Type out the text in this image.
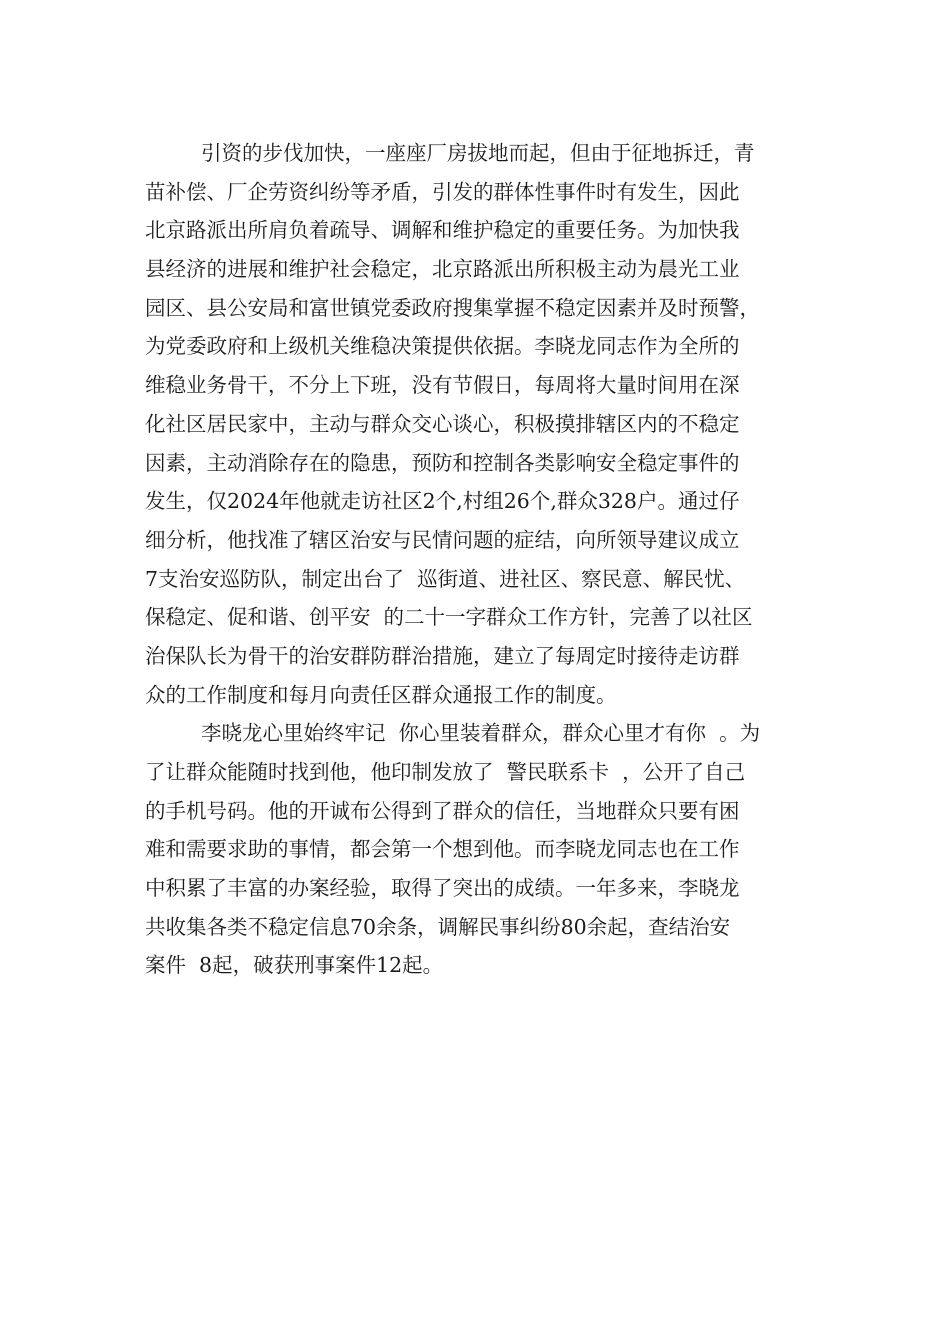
引资的步伐加快，一座座厂房拔地而起，但由于征地拆迁，青
苗补偿、厂企劳资纠纷等矛盾，引发的群体性事件时有发生，因此
北京路派出所肩负着疏导、调解和维护稳定的重要任务。为加快我
县经济的进展和维护社会稳定，北京路派出所积极主动为晨光工业
园区、县公安局和富世镇党委政府搜集掌握不稳定因素并及时预警，
为党委政府和上级机关维稳决策提供依据。李晓龙同志作为全所的
维稳业务骨干，不分上下班，没有节假日，每周将大量时间用在深
化社区居民家中，主动与群众交心谈心，积极摸排辖区内的不稳定
因素，主动消除存在的隐患，预防和控制各类影响安全稳定事件的
发生，仅2024年他就走访社区2个,村组26个,群众328户。通过仔
细分析，他找准了辖区治安与民情问题的症结，向所领导建议成立
7支治安巡防队，制定出台了  巡街道、进社区、察民意、解民忧、
保稳定、促和谐、创平安  的二十一字群众工作方针，完善了以社区
治保队长为骨干的治安群防群治措施，建立了每周定时接待走访群
众的工作制度和每月向责任区群众通报工作的制度。
李晓龙心里始终牢记  你心里装着群众，群众心里才有你  。为
了让群众能随时找到他，他印制发放了  警民联系卡  ，公开了自己
的手机号码。他的开诚布公得到了群众的信任，当地群众只要有困
难和需要求助的事情，都会第一个想到他。而李晓龙同志也在工作
中积累了丰富的办案经验，取得了突出的成绩。一年多来，李晓龙
共收集各类不稳定信息70余条，调解民事纠纷80余起，查结治安
案件  8起，破获刑事案件12起。
